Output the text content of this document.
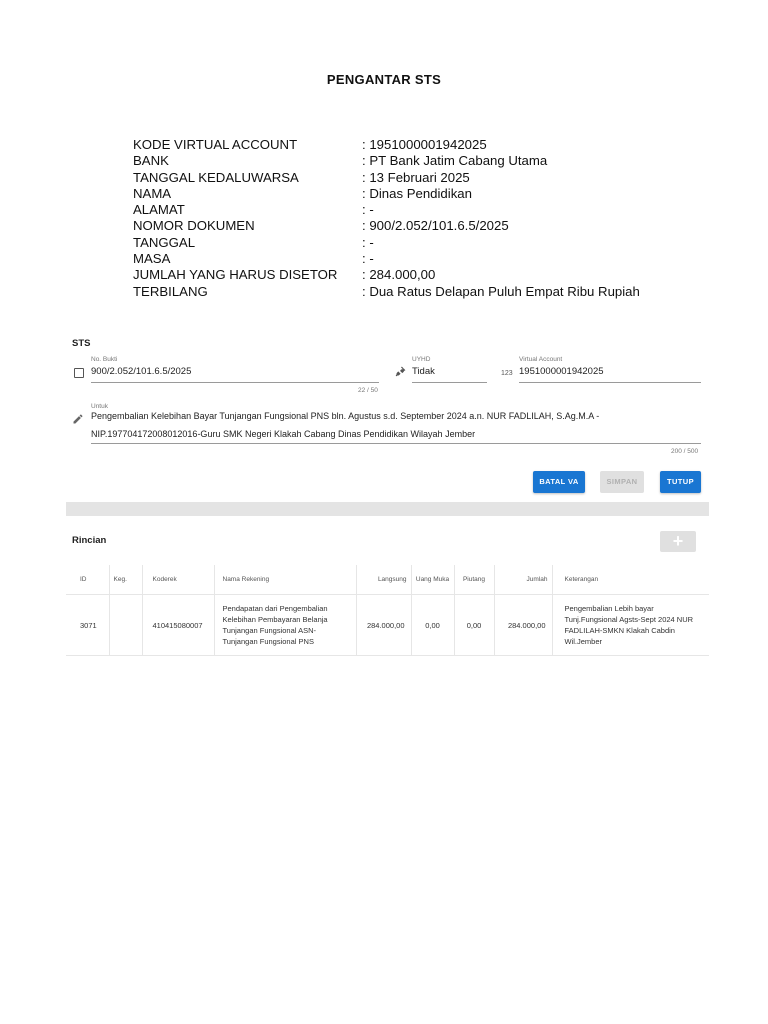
PENGANTAR STS
KODE VIRTUAL ACCOUNT	: 1951000001942025
BANK	: PT Bank Jatim Cabang Utama
TANGGAL KEDALUWARSA	: 13 Februari 2025
NAMA	: Dinas Pendidikan
ALAMAT	: -
NOMOR DOKUMEN	: 900/2.052/101.6.5/2025
TANGGAL	: -
MASA	: -
JUMLAH YANG HARUS DISETOR	: 284.000,00
TERBILANG	: Dua Ratus Delapan Puluh Empat Ribu Rupiah
STS
No. Bukti
900/2.052/101.6.5/2025
22 / 50
UYHD
Tidak	123
Virtual Account
1951000001942025
Untuk
Pengembalian Kelebihan Bayar Tunjangan Fungsional PNS bln. Agustus s.d. September 2024 a.n. NUR FADLILAH, S.Ag.M.A -
NIP.197704172008012016-Guru SMK Negeri Klakah Cabang Dinas Pendidikan Wilayah Jember
200 / 500
BATAL VA	SIMPAN	TUTUP
Rincian	+
ID	Keg.	Koderek	Nama Rekening	Langsung	Uang Muka	Piutang	Jumlah	Keterangan
3071		410415080007	Pendapatan dari Pengembalian Kelebihan Pembayaran Belanja Tunjangan Fungsional ASN-Tunjangan Fungsional PNS	284.000,00	0,00	0,00	284.000,00	Pengembalian Lebih bayar Tunj.Fungsional Agsts-Sept 2024 NUR FADLILAH-SMKN Klakah Cabdin Wil.Jember
